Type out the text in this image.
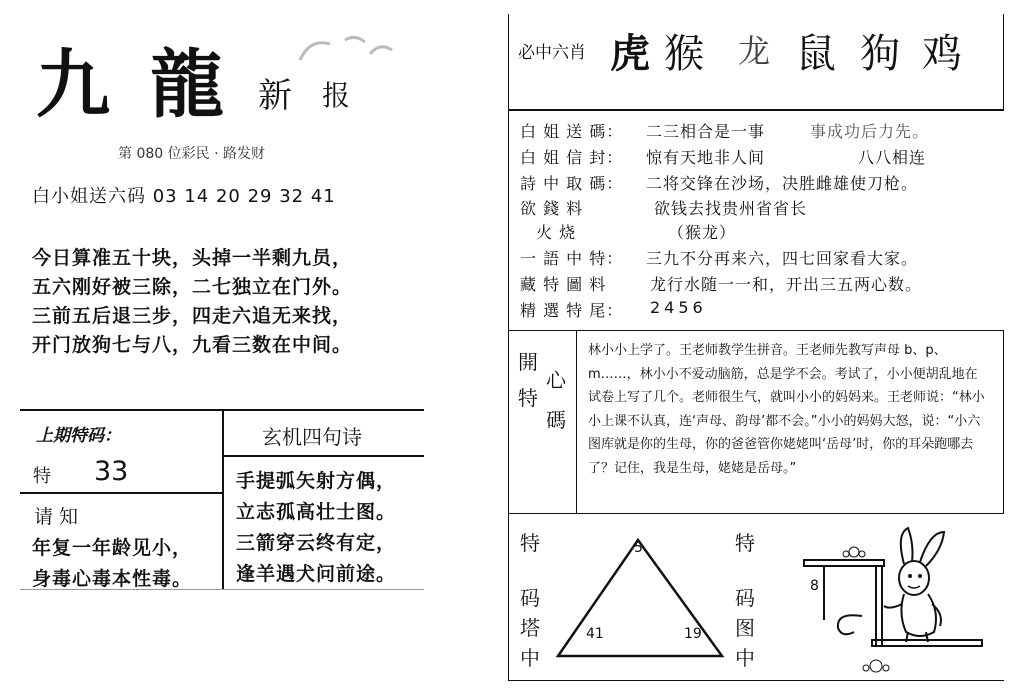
九 龍 新 报
第 080 位彩民 · 路发财
白小姐送六码 03 14 20 29 32 41
今日算准五十块，头掉一半剩九员，
五六刚好被三除，二七独立在门外。
三前五后退三步，四走六追无来找，
开门放狗七与八，九看三数在中间。
上期特码：
特 33
玄机四句诗
手提弧矢射方偶，
立志孤高壮士图。
三箭穿云终有定，
逢羊遇犬问前途。
请 知
年复一年龄见小，
身毒心毒本性毒。
必中六肖 虎 猴 龙 鼠 狗 鸡
白 姐 送 碼： 二三相合是一事	事成功后力先。
白 姐 信 封： 惊有天地非人间	八八相连
詩 中 取 碼： 二将交锋在沙场，决胜雌雄使刀枪。
欲 錢 料	欲钱去找贵州省省长
火 烧	（猴龙）
一 語 中 特： 三九不分再来六，四七回家看大家。
藏 特 圖 料	龙行水随一一和，开出三五两心数。
精 選 特 尾： 2456
開
心
特
碼
林小小上学了。王老师教学生拼音。王老师先教写声母 b、p、m……，林小小不爱动脑筋，总是学不会。考试了，小小便胡乱地在试卷上写了几个。老师很生气，就叫小小的妈妈来。王老师说：“林小小上课不认真，连‘声母、韵母’都不会。”小小的妈妈大怒，说：“小六图库就是你的生母，你的爸爸管你姥姥叫‘岳母’时，你的耳朵跑哪去了？记住，我是生母，姥姥是岳母。”
特
码
塔
中
5
41	19
特
码
图
中
8
